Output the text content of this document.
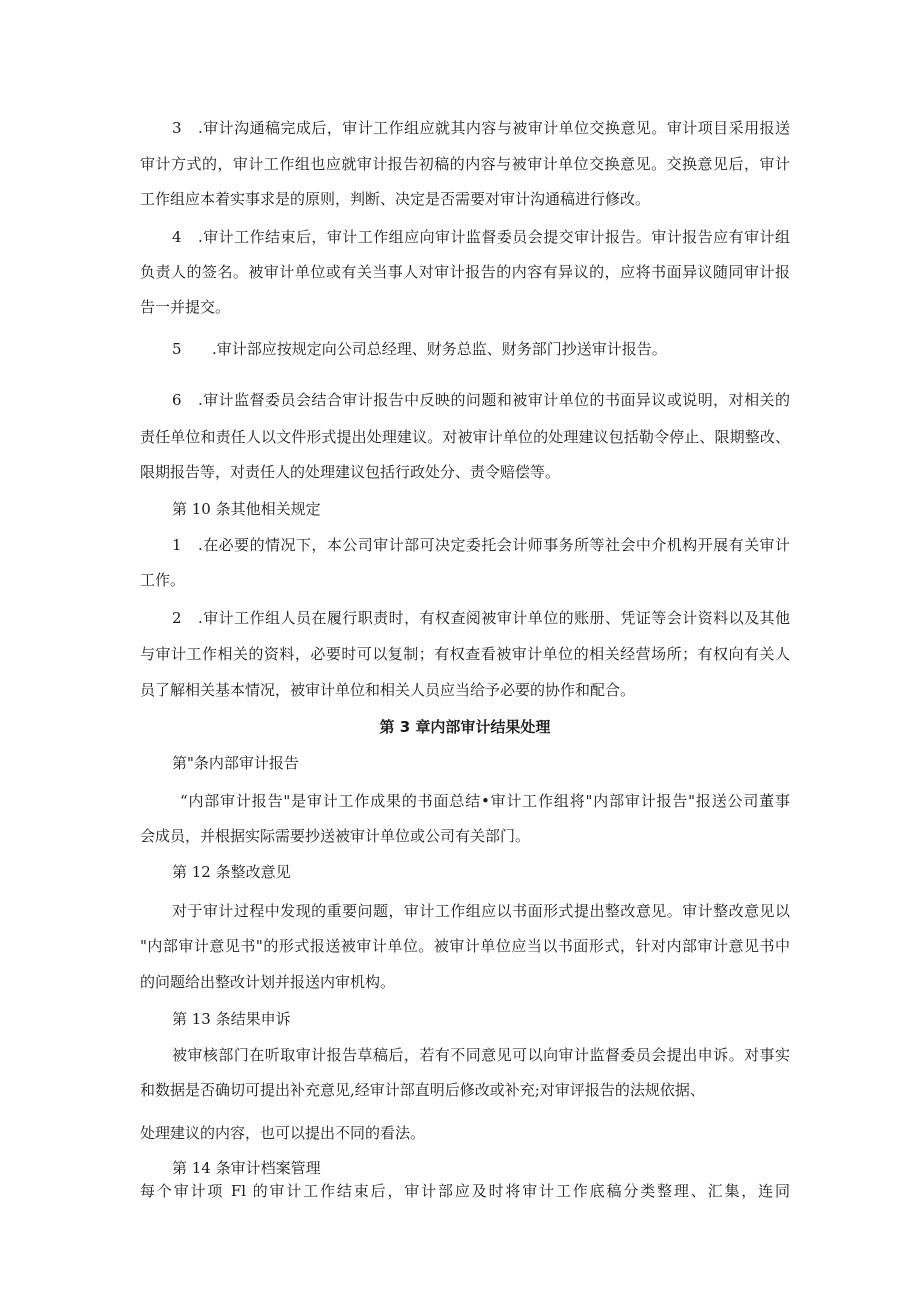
3 .审计沟通稿完成后，审计工作组应就其内容与被审计单位交换意见。审计项目采用报送
审计方式的，审计工作组也应就审计报告初稿的内容与被审计单位交换意见。交换意见后，审计
工作组应本着实事求是的原则，判断、决定是否需要对审计沟通稿进行修改。
4 .审计工作结束后，审计工作组应向审计监督委员会提交审计报告。审计报告应有审计组
负责人的签名。被审计单位或有关当事人对审计报告的内容有异议的，应将书面异议随同审计报
告一并提交。
5 .审计部应按规定向公司总经理、财务总监、财务部门抄送审计报告。
6 .审计监督委员会结合审计报告中反映的问题和被审计单位的书面异议或说明，对相关的
责任单位和责任人以文件形式提出处理建议。对被审计单位的处理建议包括勒令停止、限期整改、
限期报告等，对责任人的处理建议包括行政处分、责令赔偿等。
第 10 条其他相关规定
1 .在必要的情况下，本公司审计部可决定委托会计师事务所等社会中介机构开展有关审计
工作。
2 .审计工作组人员在履行职责时，有权查阅被审计单位的账册、凭证等会计资料以及其他
与审计工作相关的资料，必要时可以复制；有权查看被审计单位的相关经营场所；有权向有关人
员了解相关基本情况，被审计单位和相关人员应当给予必要的协作和配合。
第 3 章内部审计结果处理
第"条内部审计报告
“内部审计报告"是审计工作成果的书面总结•审计工作组将"内部审计报告"报送公司董事
会成员，并根据实际需要抄送被审计单位或公司有关部门。
第 12 条整改意见
对于审计过程中发现的重要问题，审计工作组应以书面形式提出整改意见。审计整改意见以
"内部审计意见书"的形式报送被审计单位。被审计单位应当以书面形式，针对内部审计意见书中
的问题给出整改计划并报送内审机构。
第 13 条结果申诉
被审核部门在听取审计报告草稿后，若有不同意见可以向审计监督委员会提出申诉。对事实
和数据是否确切可提出补充意见,经审计部直明后修改或补充;对审评报告的法规依据、
处理建议的内容，也可以提出不同的看法。
第 14 条审计档案管理
每个审计项 Fl 的审计工作结束后，审计部应及时将审计工作底稿分类整理、汇集，连同
